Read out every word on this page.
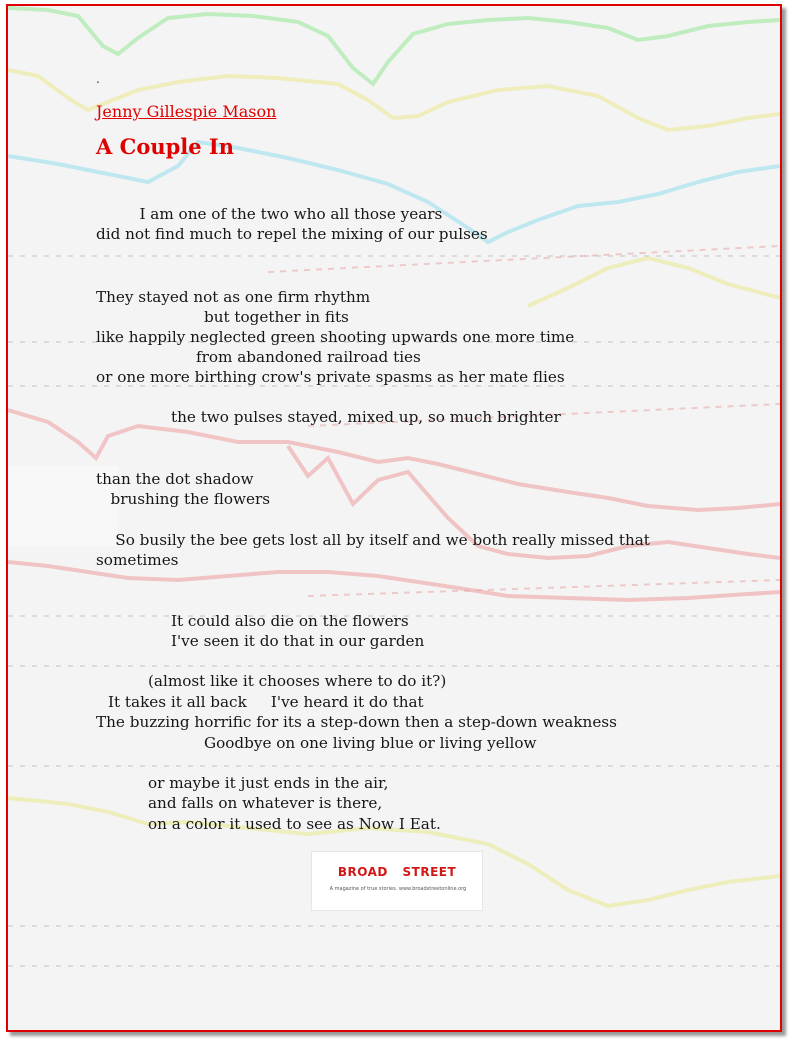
.
Jenny Gillespie Mason
A Couple In
I am one of the two who all those years
did not find much to repel the mixing of our pulses
They stayed not as one firm rhythm
but together in fits
like happily neglected green shooting upwards one more time
from abandoned railroad ties
or one more birthing crow's private spasms as her mate flies
the two pulses stayed, mixed up, so much brighter
than the dot shadow
brushing the flowers
So busily the bee gets lost all by itself and we both really missed that
sometimes
It could also die on the flowers
I've seen it do that in our garden
(almost like it chooses where to do it?)
It takes it all back     I've heard it do that
The buzzing horrific for its a step-down then a step-down weakness
Goodbye on one living blue or living yellow
or maybe it just ends in the air,
and falls on whatever is there,
on a color it used to see as Now I Eat.
BROAD STREET
A magazine of true stories. www.broadstreetonline.org
